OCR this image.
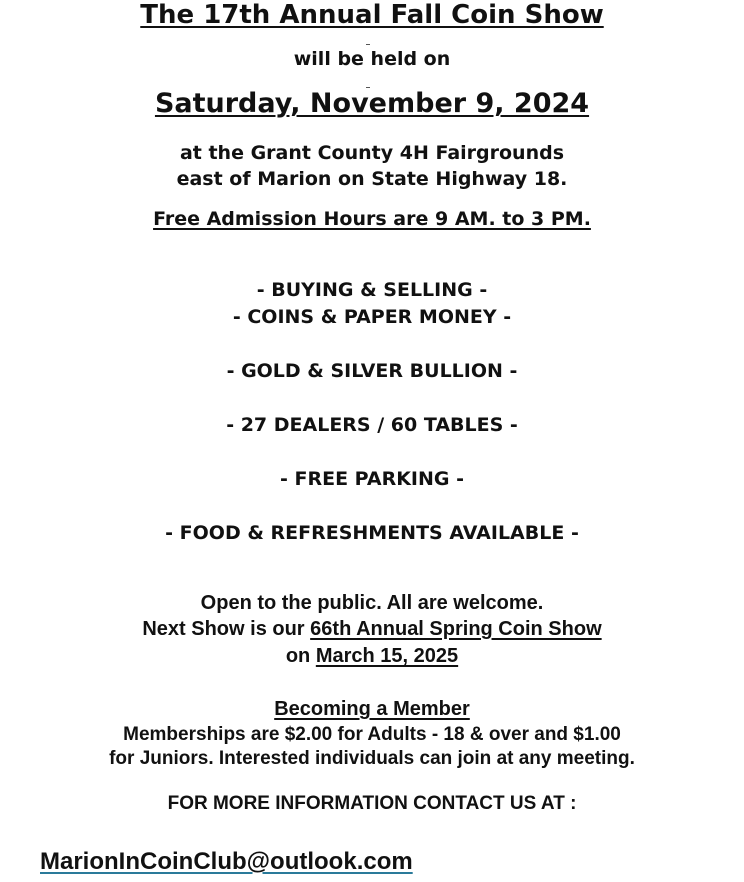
The 17th Annual Fall Coin Show
will be held on
Saturday, November 9, 2024
at the Grant County 4H Fairgrounds
east of Marion on State Highway 18.
Free Admission Hours are 9 AM. to 3 PM.
- BUYING & SELLING -
- COINS & PAPER MONEY -
- GOLD & SILVER BULLION -
- 27 DEALERS / 60 TABLES -
- FREE PARKING -
- FOOD & REFRESHMENTS AVAILABLE -
Open to the public. All are welcome.
Next Show is our 66th Annual Spring Coin Show
on March 15, 2025
Becoming a Member
Memberships are $2.00 for Adults - 18 & over and $1.00
for Juniors. Interested individuals can join at any meeting.
FOR MORE INFORMATION CONTACT US AT :
MarionInCoinClub@outlook.com
